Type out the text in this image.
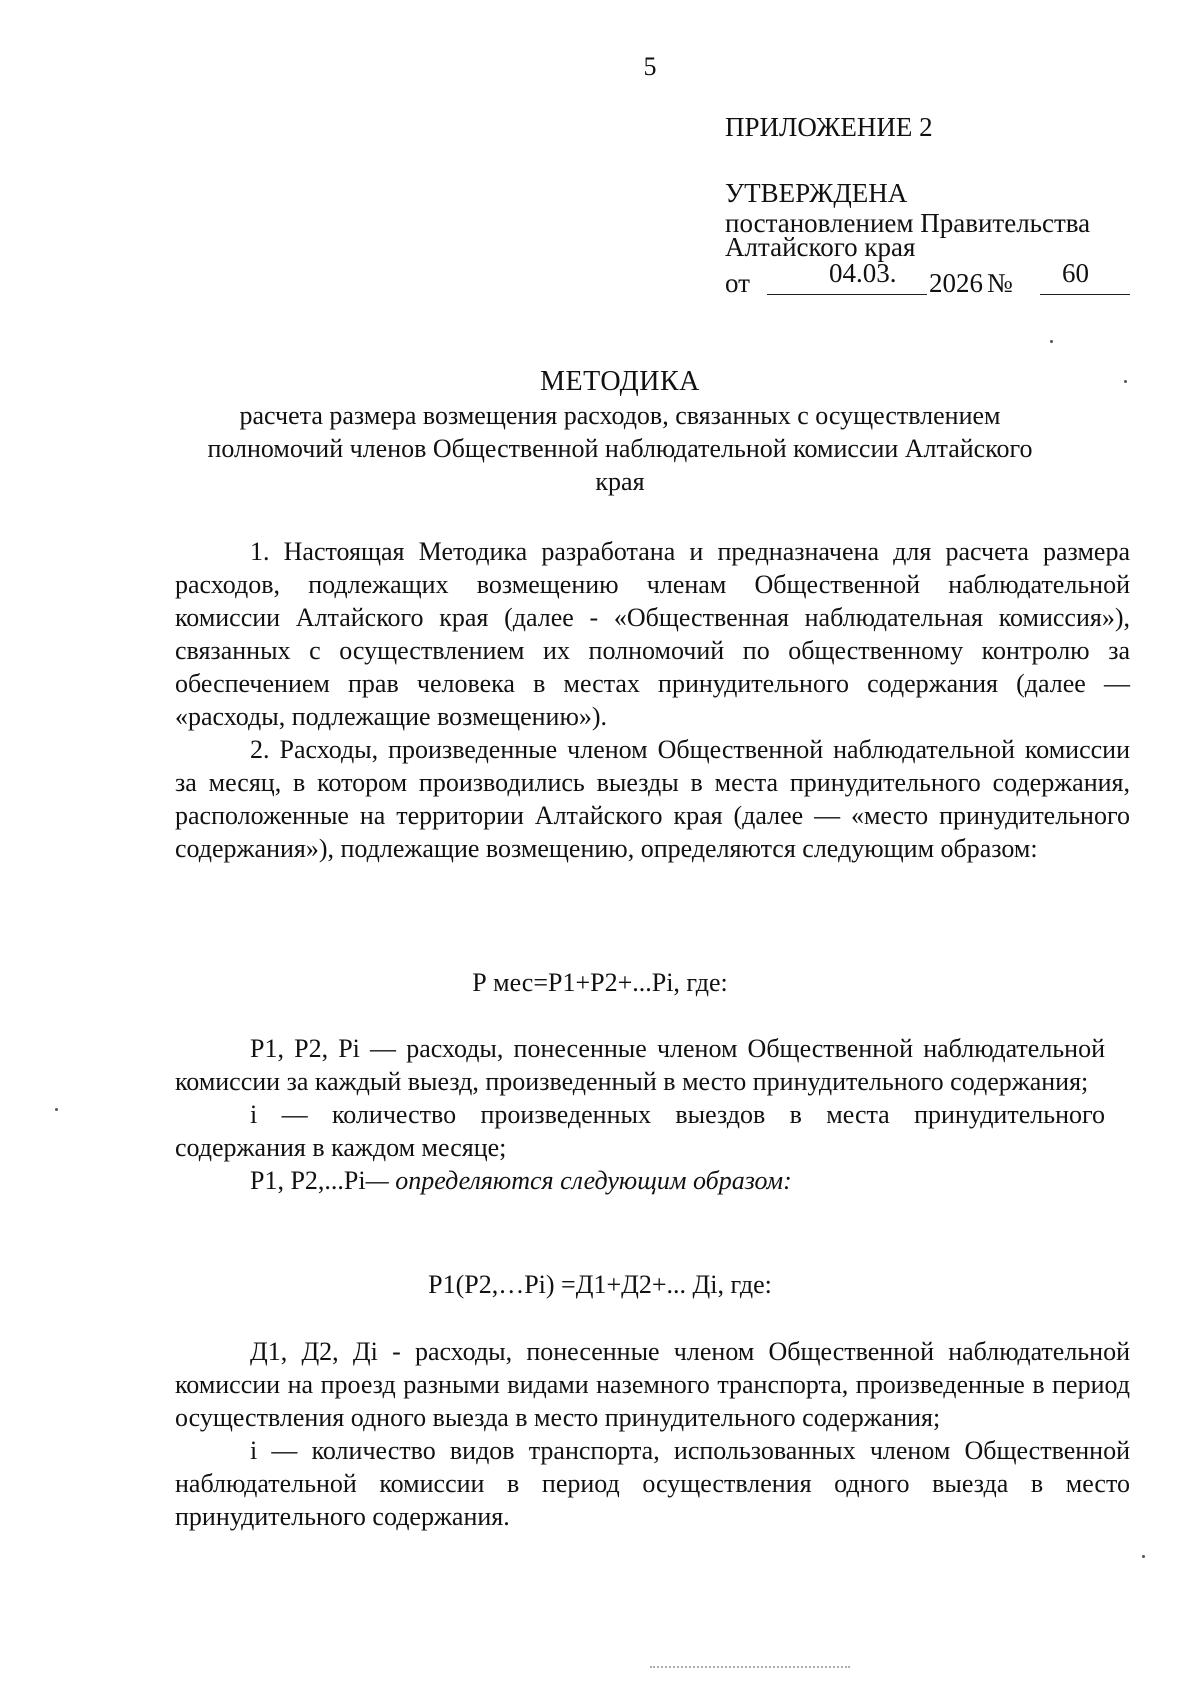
5
ПРИЛОЖЕНИЕ 2
УТВЕРЖДЕНА
постановлением Правительства
Алтайского края
от	04.03. 2026 № 60
МЕТОДИКА
расчета размера возмещения расходов, связанных с осуществлением полномочий членов Общественной наблюдательной комиссии Алтайского края

1. Настоящая Методика разработана и предназначена для расчета размера расходов, подлежащих возмещению членам Общественной наблюдательной комиссии Алтайского края (далее - «Общественная наблюдательная комиссия»), связанных с осуществлением их полномочий по общественному контролю за обеспечением прав человека в местах принудительного содержания (далее — «расходы, подлежащие возмещению»).

2. Расходы, произведенные членом Общественной наблюдательной комиссии за месяц, в котором производились выезды в места принудительного содержания, расположенные на территории Алтайского края (далее — «место принудительного содержания»), подлежащие возмещению, определяются следующим образом:

Р мес=Р1+Р2+...Рi, где:

Р1, Р2, Рi — расходы, понесенные членом Общественной наблюдательной комиссии за каждый выезд, произведенный в место принудительного содержания;

i — количество произведенных выездов в места принудительного содержания в каждом месяце;

Р1, Р2,...Рi— определяются следующим образом:

Р1(Р2,…Рi) =Д1+Д2+... Дi, где:

Д1, Д2, Дi - расходы, понесенные членом Общественной наблюдательной комиссии на проезд разными видами наземного транспорта, произведенные в период осуществления одного выезда в место принудительного содержания;

i — количество видов транспорта, использованных членом Общественной наблюдательной комиссии в период осуществления одного выезда в место принудительного содержания.
